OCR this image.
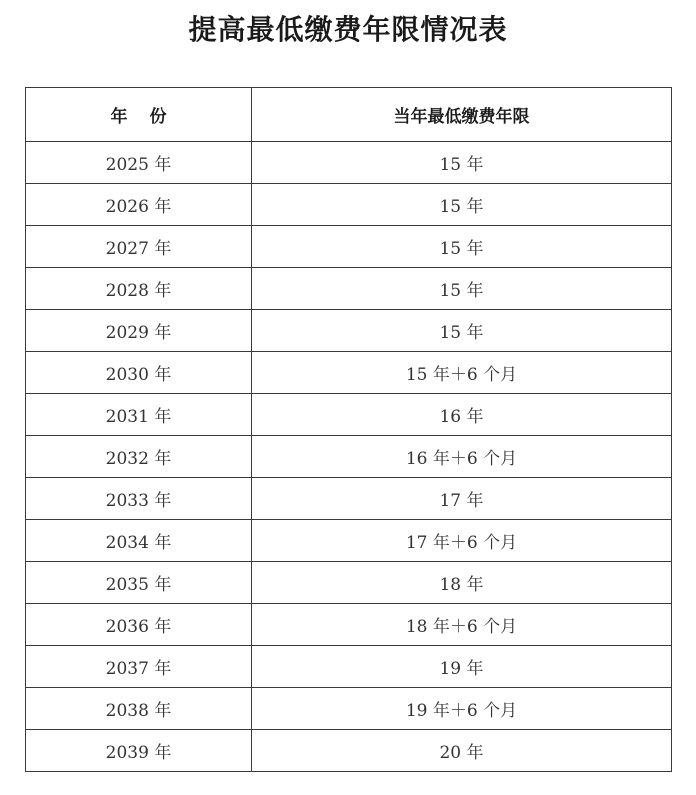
提高最低缴费年限情况表
年份	当年最低缴费年限
2025 年	15 年
2026 年	15 年
2027 年	15 年
2028 年	15 年
2029 年	15 年
2030 年	15 年＋6 个月
2031 年	16 年
2032 年	16 年＋6 个月
2033 年	17 年
2034 年	17 年＋6 个月
2035 年	18 年
2036 年	18 年＋6 个月
2037 年	19 年
2038 年	19 年＋6 个月
2039 年	20 年
